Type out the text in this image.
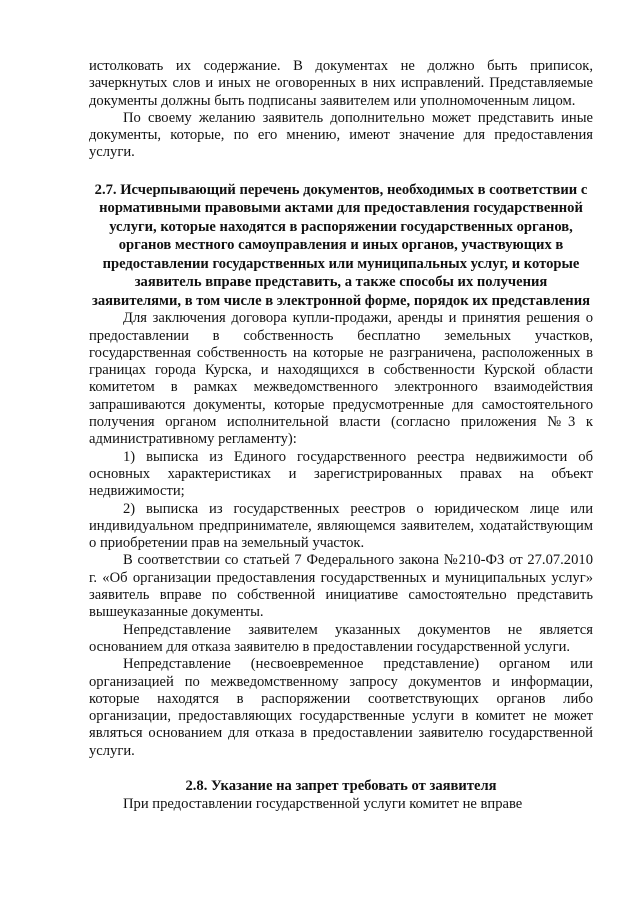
истолковать их содержание. В документах не должно быть приписок, зачеркнутых слов и иных не оговоренных в них исправлений. Представляемые документы должны быть подписаны заявителем или уполномоченным лицом.

По своему желанию заявитель дополнительно может представить иные документы, которые, по его мнению, имеют значение для предоставления услуги.

2.7. Исчерпывающий перечень документов, необходимых в соответствии с нормативными правовыми актами для предоставления государственной услуги, которые находятся в распоряжении государственных органов, органов местного самоуправления и иных органов, участвующих в предоставлении государственных или муниципальных услуг, и которые заявитель вправе представить, а также способы их получения заявителями, в том числе в электронной форме, порядок их представления

Для заключения договора купли-продажи, аренды и принятия решения о предоставлении в собственность бесплатно земельных участков, государственная собственность на которые не разграничена, расположенных в границах города Курска, и находящихся в собственности Курской области комитетом в рамках межведомственного электронного взаимодействия запрашиваются документы, которые предусмотренные для самостоятельного получения органом исполнительной власти (согласно приложения №3 к административному регламенту):

1) выписка из Единого государственного реестра недвижимости об основных характеристиках и зарегистрированных правах на объект недвижимости;

2) выписка из государственных реестров о юридическом лице или индивидуальном предпринимателе, являющемся заявителем, ходатайствующим о приобретении прав на земельный участок.

В соответствии со статьей 7 Федерального закона №210-ФЗ от 27.07.2010 г. «Об организации предоставления государственных и муниципальных услуг» заявитель вправе по собственной инициативе самостоятельно представить вышеуказанные документы.

Непредставление заявителем указанных документов не является основанием для отказа заявителю в предоставлении государственной услуги.

Непредставление (несвоевременное представление) органом или организацией по межведомственному запросу документов и информации, которые находятся в распоряжении соответствующих органов либо организации, предоставляющих государственные услуги в комитет не может являться основанием для отказа в предоставлении заявителю государственной услуги.

2.8. Указание на запрет требовать от заявителя

При предоставлении государственной услуги комитет не вправе
